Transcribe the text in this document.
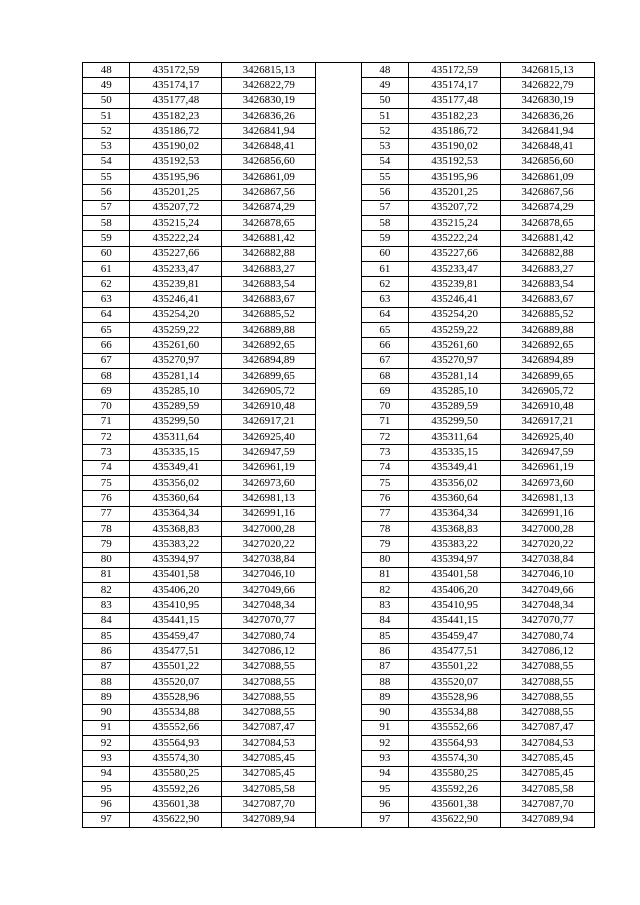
48	435172,59	3426815,13		48	435172,59	3426815,13
49	435174,17	3426822,79		49	435174,17	3426822,79
50	435177,48	3426830,19		50	435177,48	3426830,19
51	435182,23	3426836,26		51	435182,23	3426836,26
52	435186,72	3426841,94		52	435186,72	3426841,94
53	435190,02	3426848,41		53	435190,02	3426848,41
54	435192,53	3426856,60		54	435192,53	3426856,60
55	435195,96	3426861,09		55	435195,96	3426861,09
56	435201,25	3426867,56		56	435201,25	3426867,56
57	435207,72	3426874,29		57	435207,72	3426874,29
58	435215,24	3426878,65		58	435215,24	3426878,65
59	435222,24	3426881,42		59	435222,24	3426881,42
60	435227,66	3426882,88		60	435227,66	3426882,88
61	435233,47	3426883,27		61	435233,47	3426883,27
62	435239,81	3426883,54		62	435239,81	3426883,54
63	435246,41	3426883,67		63	435246,41	3426883,67
64	435254,20	3426885,52		64	435254,20	3426885,52
65	435259,22	3426889,88		65	435259,22	3426889,88
66	435261,60	3426892,65		66	435261,60	3426892,65
67	435270,97	3426894,89		67	435270,97	3426894,89
68	435281,14	3426899,65		68	435281,14	3426899,65
69	435285,10	3426905,72		69	435285,10	3426905,72
70	435289,59	3426910,48		70	435289,59	3426910,48
71	435299,50	3426917,21		71	435299,50	3426917,21
72	435311,64	3426925,40		72	435311,64	3426925,40
73	435335,15	3426947,59		73	435335,15	3426947,59
74	435349,41	3426961,19		74	435349,41	3426961,19
75	435356,02	3426973,60		75	435356,02	3426973,60
76	435360,64	3426981,13		76	435360,64	3426981,13
77	435364,34	3426991,16		77	435364,34	3426991,16
78	435368,83	3427000,28		78	435368,83	3427000,28
79	435383,22	3427020,22		79	435383,22	3427020,22
80	435394,97	3427038,84		80	435394,97	3427038,84
81	435401,58	3427046,10		81	435401,58	3427046,10
82	435406,20	3427049,66		82	435406,20	3427049,66
83	435410,95	3427048,34		83	435410,95	3427048,34
84	435441,15	3427070,77		84	435441,15	3427070,77
85	435459,47	3427080,74		85	435459,47	3427080,74
86	435477,51	3427086,12		86	435477,51	3427086,12
87	435501,22	3427088,55		87	435501,22	3427088,55
88	435520,07	3427088,55		88	435520,07	3427088,55
89	435528,96	3427088,55		89	435528,96	3427088,55
90	435534,88	3427088,55		90	435534,88	3427088,55
91	435552,66	3427087,47		91	435552,66	3427087,47
92	435564,93	3427084,53		92	435564,93	3427084,53
93	435574,30	3427085,45		93	435574,30	3427085,45
94	435580,25	3427085,45		94	435580,25	3427085,45
95	435592,26	3427085,58		95	435592,26	3427085,58
96	435601,38	3427087,70		96	435601,38	3427087,70
97	435622,90	3427089,94		97	435622,90	3427089,94
